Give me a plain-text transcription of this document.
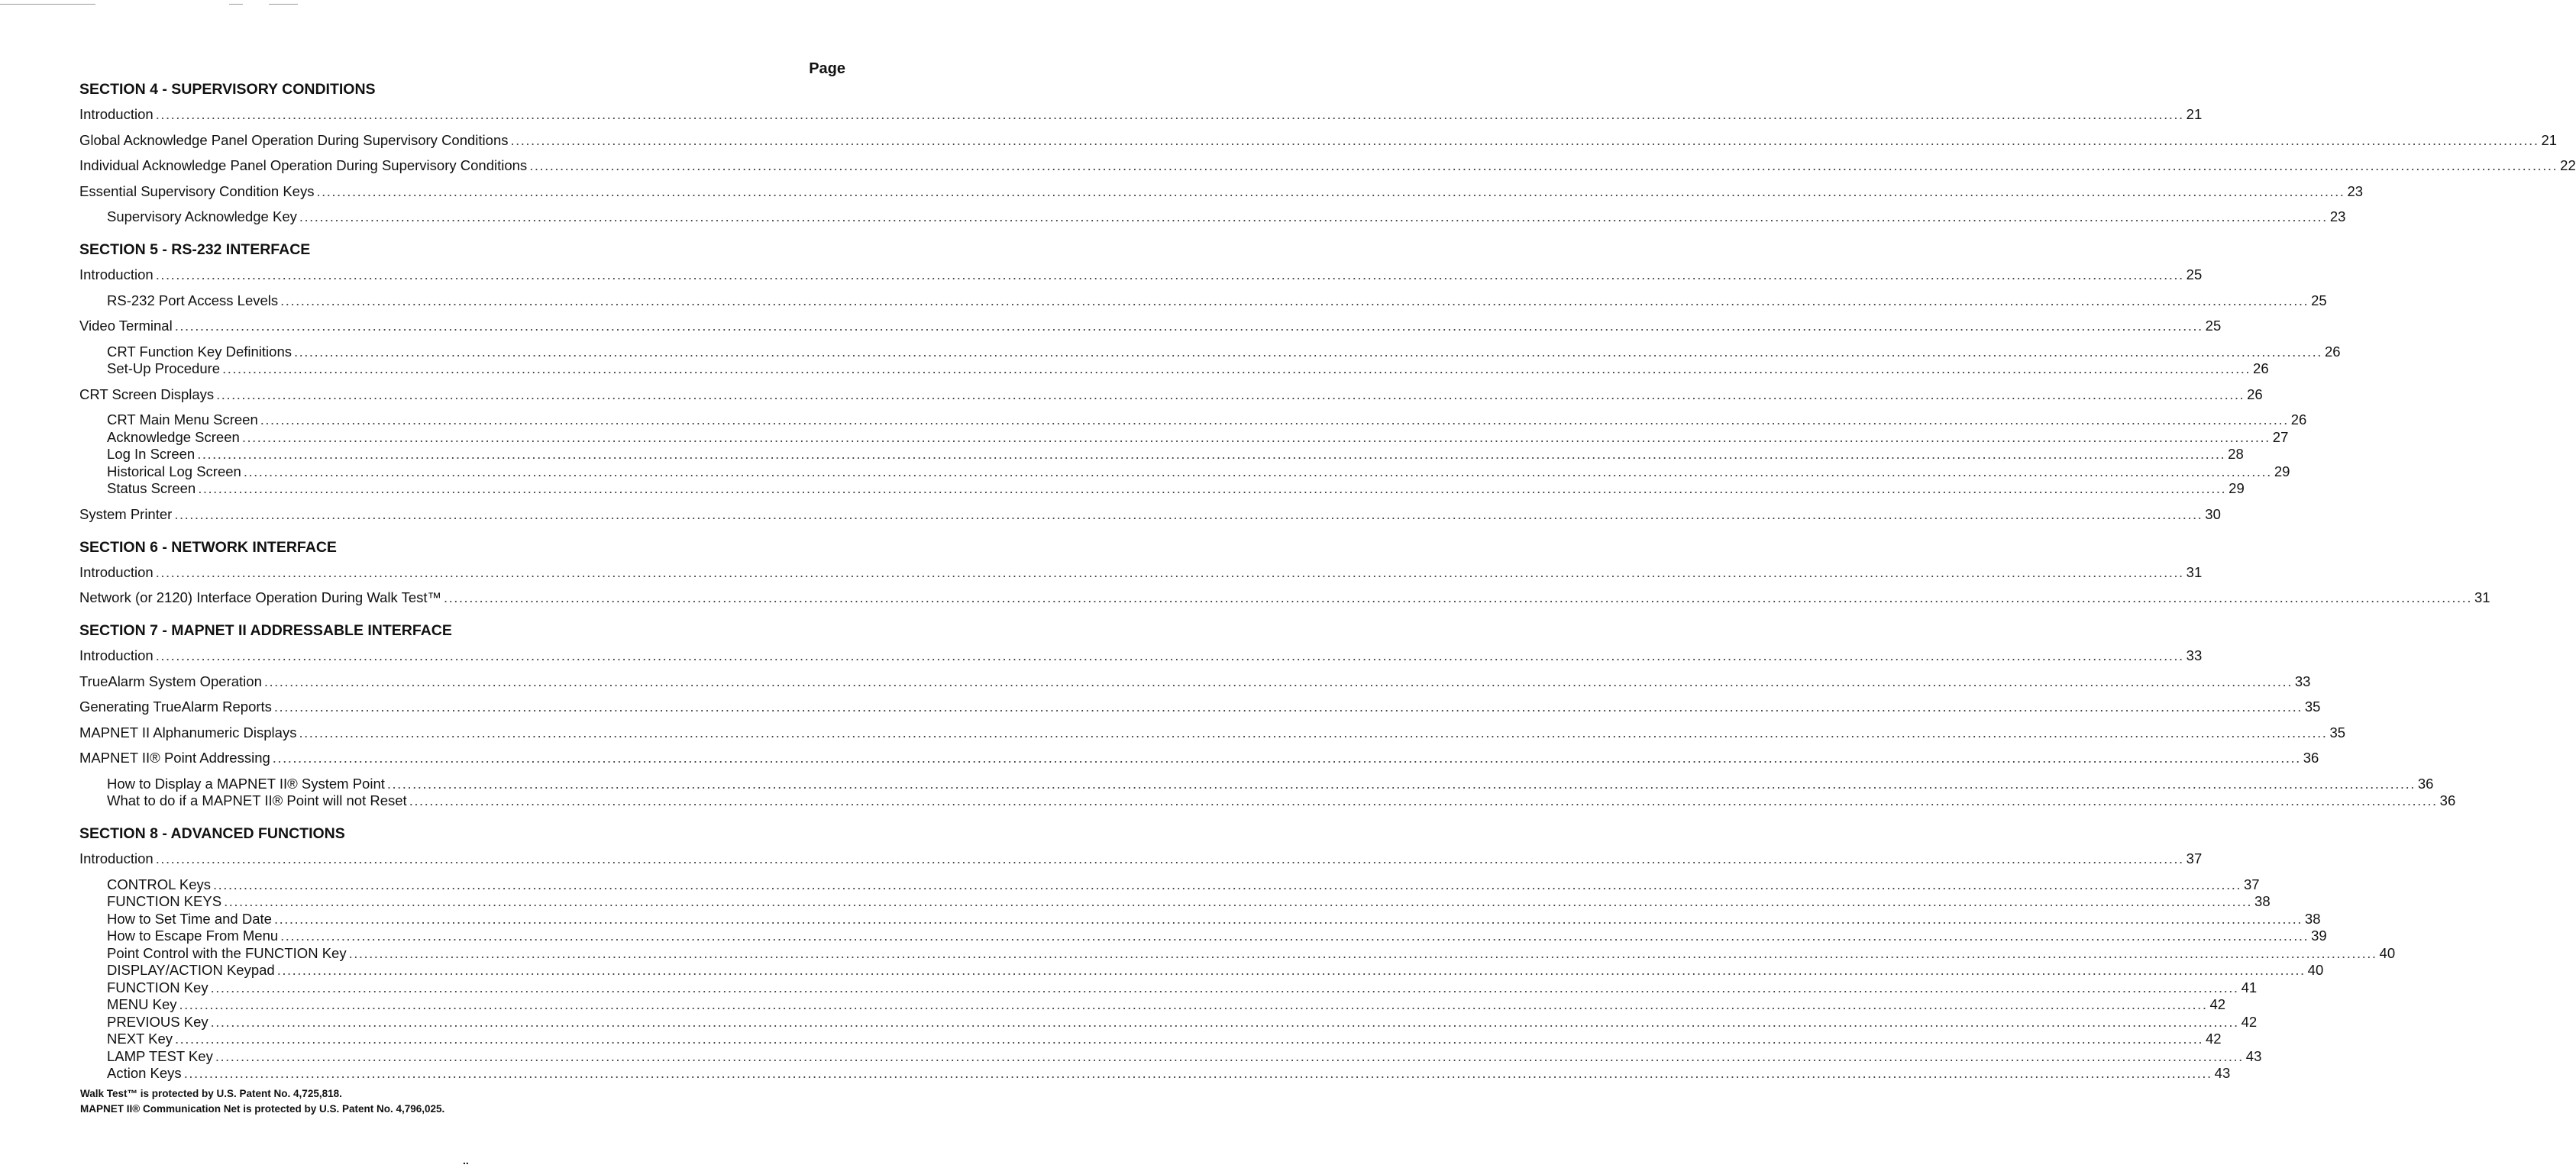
Page
SECTION 4 - SUPERVISORY CONDITIONS
Introduction ................................................................................................................................................................................................................................................................................................................................................................................................................ 21
Global Acknowledge Panel Operation During Supervisory Conditions ................................................................................................................................................................................................................................................................................................................................................................................................................ 21
Individual Acknowledge Panel Operation During Supervisory Conditions ................................................................................................................................................................................................................................................................................................................................................................................................................ 22
Essential Supervisory Condition Keys ................................................................................................................................................................................................................................................................................................................................................................................................................ 23
Supervisory Acknowledge Key ................................................................................................................................................................................................................................................................................................................................................................................................................ 23
SECTION 5 - RS-232 INTERFACE
Introduction ................................................................................................................................................................................................................................................................................................................................................................................................................ 25
RS-232 Port Access Levels ................................................................................................................................................................................................................................................................................................................................................................................................................ 25
Video Terminal ................................................................................................................................................................................................................................................................................................................................................................................................................ 25
CRT Function Key Definitions ................................................................................................................................................................................................................................................................................................................................................................................................................ 26
Set-Up Procedure ................................................................................................................................................................................................................................................................................................................................................................................................................ 26
CRT Screen Displays ................................................................................................................................................................................................................................................................................................................................................................................................................ 26
CRT Main Menu Screen ................................................................................................................................................................................................................................................................................................................................................................................................................ 26
Acknowledge Screen ................................................................................................................................................................................................................................................................................................................................................................................................................ 27
Log In Screen ................................................................................................................................................................................................................................................................................................................................................................................................................ 28
Historical Log Screen ................................................................................................................................................................................................................................................................................................................................................................................................................ 29
Status Screen ................................................................................................................................................................................................................................................................................................................................................................................................................ 29
System Printer ................................................................................................................................................................................................................................................................................................................................................................................................................ 30
SECTION 6 - NETWORK INTERFACE
Introduction ................................................................................................................................................................................................................................................................................................................................................................................................................ 31
Network (or 2120) Interface Operation During Walk Test™ ................................................................................................................................................................................................................................................................................................................................................................................................................ 31
SECTION 7 - MAPNET II ADDRESSABLE INTERFACE
Introduction ................................................................................................................................................................................................................................................................................................................................................................................................................ 33
TrueAlarm System Operation ................................................................................................................................................................................................................................................................................................................................................................................................................ 33
Generating TrueAlarm Reports ................................................................................................................................................................................................................................................................................................................................................................................................................ 35
MAPNET II Alphanumeric Displays ................................................................................................................................................................................................................................................................................................................................................................................................................ 35
MAPNET II® Point Addressing ................................................................................................................................................................................................................................................................................................................................................................................................................ 36
How to Display a MAPNET II® System Point ................................................................................................................................................................................................................................................................................................................................................................................................................ 36
What to do if a MAPNET II® Point will not Reset ................................................................................................................................................................................................................................................................................................................................................................................................................ 36
SECTION 8 - ADVANCED FUNCTIONS
Introduction ................................................................................................................................................................................................................................................................................................................................................................................................................ 37
CONTROL Keys ................................................................................................................................................................................................................................................................................................................................................................................................................ 37
FUNCTION KEYS ................................................................................................................................................................................................................................................................................................................................................................................................................ 38
How to Set Time and Date ................................................................................................................................................................................................................................................................................................................................................................................................................ 38
How to Escape From Menu ................................................................................................................................................................................................................................................................................................................................................................................................................ 39
Point Control with the FUNCTION Key ................................................................................................................................................................................................................................................................................................................................................................................................................ 40
DISPLAY/ACTION Keypad ................................................................................................................................................................................................................................................................................................................................................................................................................ 40
FUNCTION Key ................................................................................................................................................................................................................................................................................................................................................................................................................ 41
MENU Key ................................................................................................................................................................................................................................................................................................................................................................................................................ 42
PREVIOUS Key ................................................................................................................................................................................................................................................................................................................................................................................................................ 42
NEXT Key ................................................................................................................................................................................................................................................................................................................................................................................................................ 42
LAMP TEST Key ................................................................................................................................................................................................................................................................................................................................................................................................................ 43
Action Keys ................................................................................................................................................................................................................................................................................................................................................................................................................ 43
Walk Test™ is protected by U.S. Patent No. 4,725,818.
MAPNET II® Communication Net is protected by U.S. Patent No. 4,796,025.
..
